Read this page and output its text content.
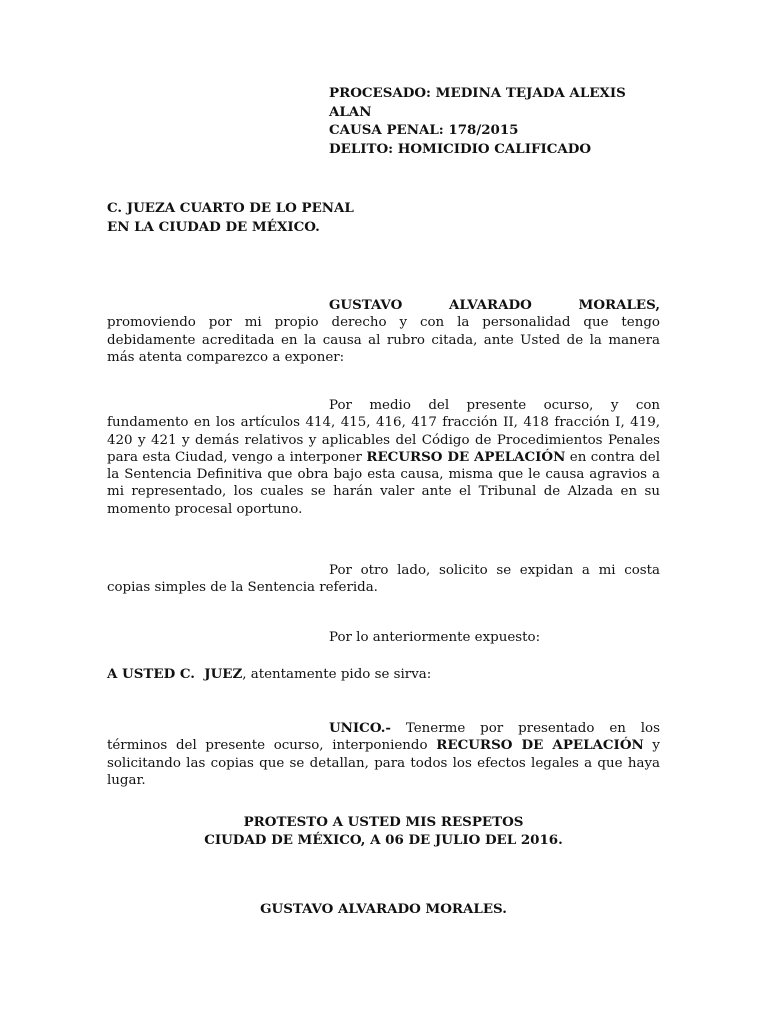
PROCESADO: MEDINA TEJADA ALEXIS
ALAN
CAUSA PENAL: 178/2015
DELITO: HOMICIDIO CALIFICADO
C. JUEZA CUARTO DE LO PENAL
EN LA CIUDAD DE MÉXICO.
GUSTAVO	ALVARADO	MORALES,
promoviendo por mi propio derecho y con la personalidad que tengo debidamente acreditada en la causa al rubro citada, ante Usted de la manera más atenta comparezco a exponer:
Por medio del presente ocurso, y con fundamento en los artículos 414, 415, 416, 417 fracción II, 418 fracción I, 419, 420 y 421 y demás relativos y aplicables del Código de Procedimientos Penales para esta Ciudad, vengo a interponer RECURSO DE APELACIÓN en contra del la Sentencia Definitiva que obra bajo esta causa, misma que le causa agravios a mi representado, los cuales se harán valer ante el Tribunal de Alzada en su momento procesal oportuno.
Por otro lado, solicito se expidan a mi costa copias simples de la Sentencia referida.
Por lo anteriormente expuesto:
A USTED C.  JUEZ, atentamente pido se sirva:
UNICO.- Tenerme por presentado en los términos del presente ocurso, interponiendo RECURSO DE APELACIÓN y solicitando las copias que se detallan, para todos los efectos legales a que haya lugar.
PROTESTO A USTED MIS RESPETOS
CIUDAD DE MÉXICO, A 06 DE JULIO DEL 2016.
GUSTAVO ALVARADO MORALES.
